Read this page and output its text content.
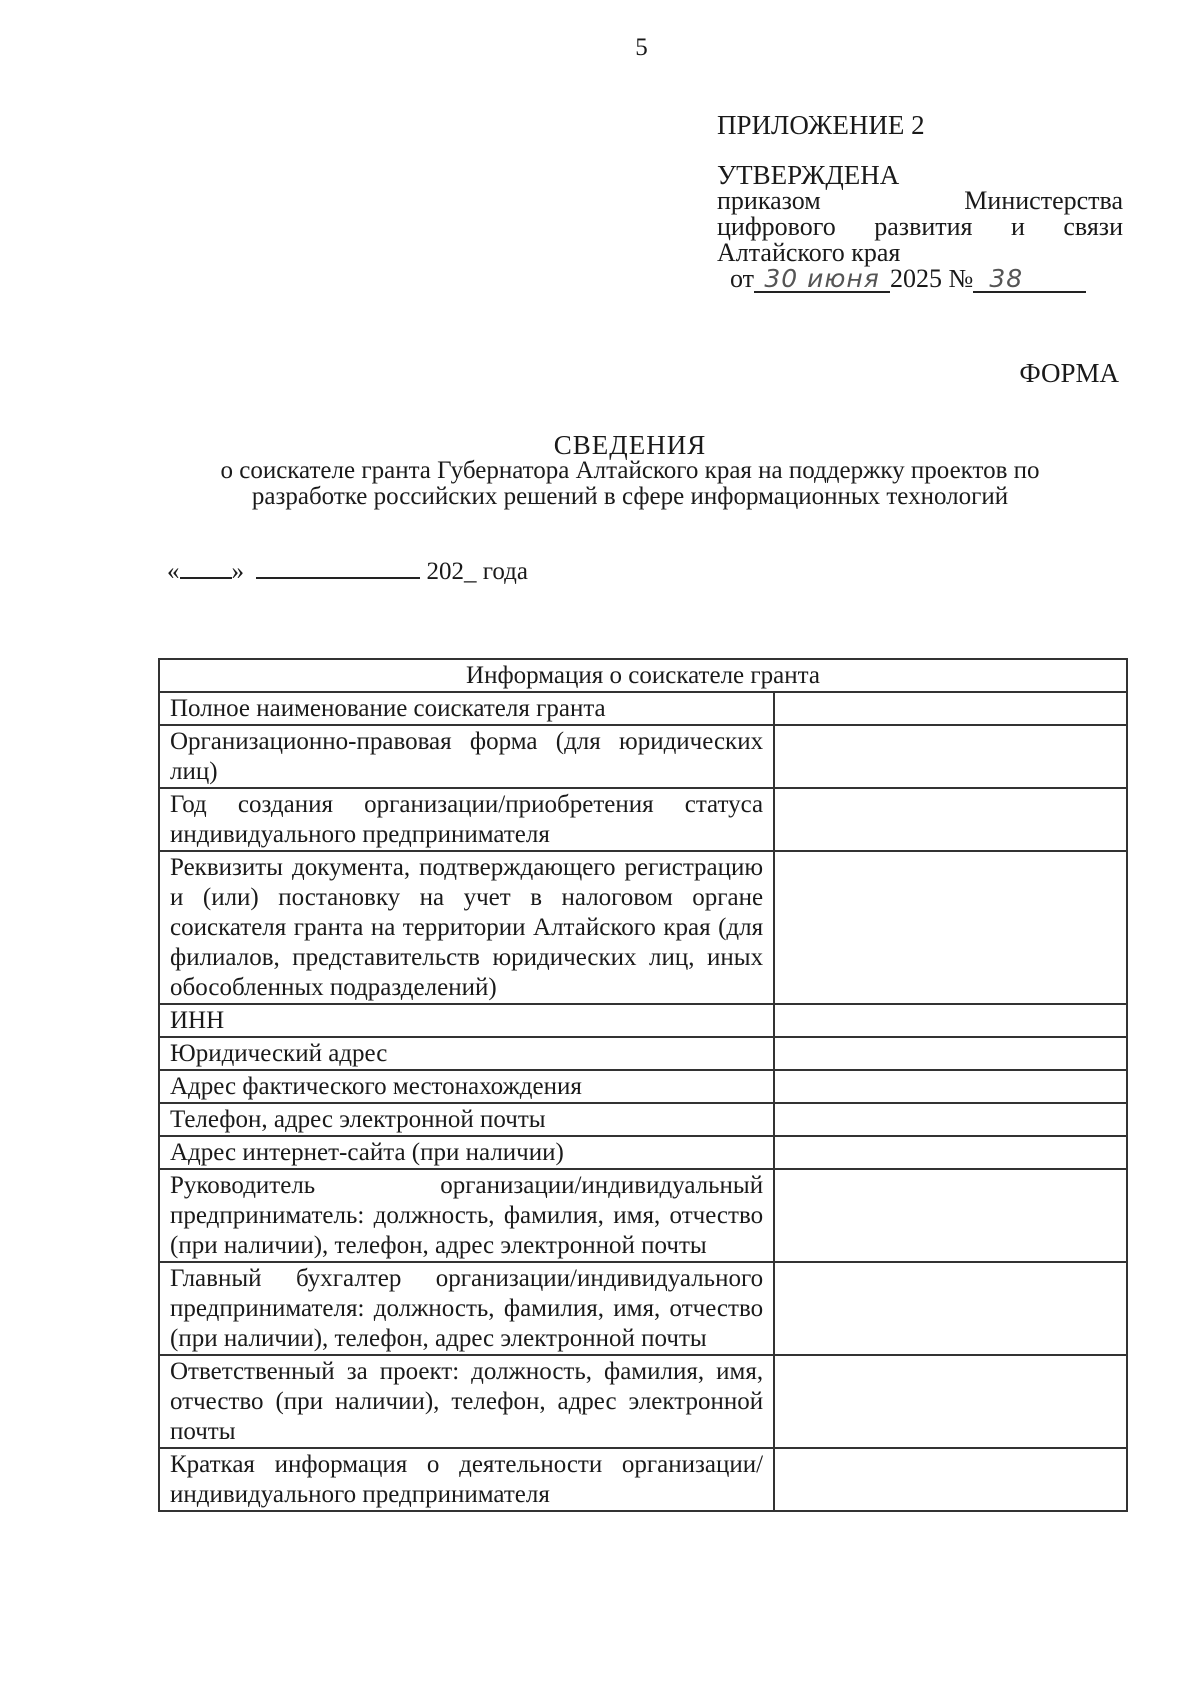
5
ПРИЛОЖЕНИЕ 2
УТВЕРЖДЕНА
приказом Министерства
цифрового развития и связи
Алтайского края
от 30 июня 2025 № 38
ФОРМА
СВЕДЕНИЯ
о соискателе гранта Губернатора Алтайского края на поддержку проектов по разработке российских решений в сфере информационных технологий
« »	202_ года
Информация о соискателе гранта	
Полное наименование соискателя гранта	
Организационно-правовая форма (для юридических лиц)	
Год создания организации/приобретения статуса индивидуального предпринимателя	
Реквизиты документа, подтверждающего регистрацию и (или) постановку на учет в налоговом органе соискателя гранта на территории Алтайского края (для филиалов, представительств юридических лиц, иных обособленных подразделений)	
ИНН	
Юридический адрес	
Адрес фактического местонахождения	
Телефон, адрес электронной почты	
Адрес интернет-сайта (при наличии)	
Руководитель организации/индивидуальный предприниматель: должность, фамилия, имя, отчество (при наличии), телефон, адрес электронной почты	
Главный бухгалтер организации/индивидуального предпринимателя: должность, фамилия, имя, отчество (при наличии), телефон, адрес электронной почты	
Ответственный за проект: должность, фамилия, имя, отчество (при наличии), телефон, адрес электронной почты	
Краткая информация о деятельности организации/индивидуального предпринимателя	
